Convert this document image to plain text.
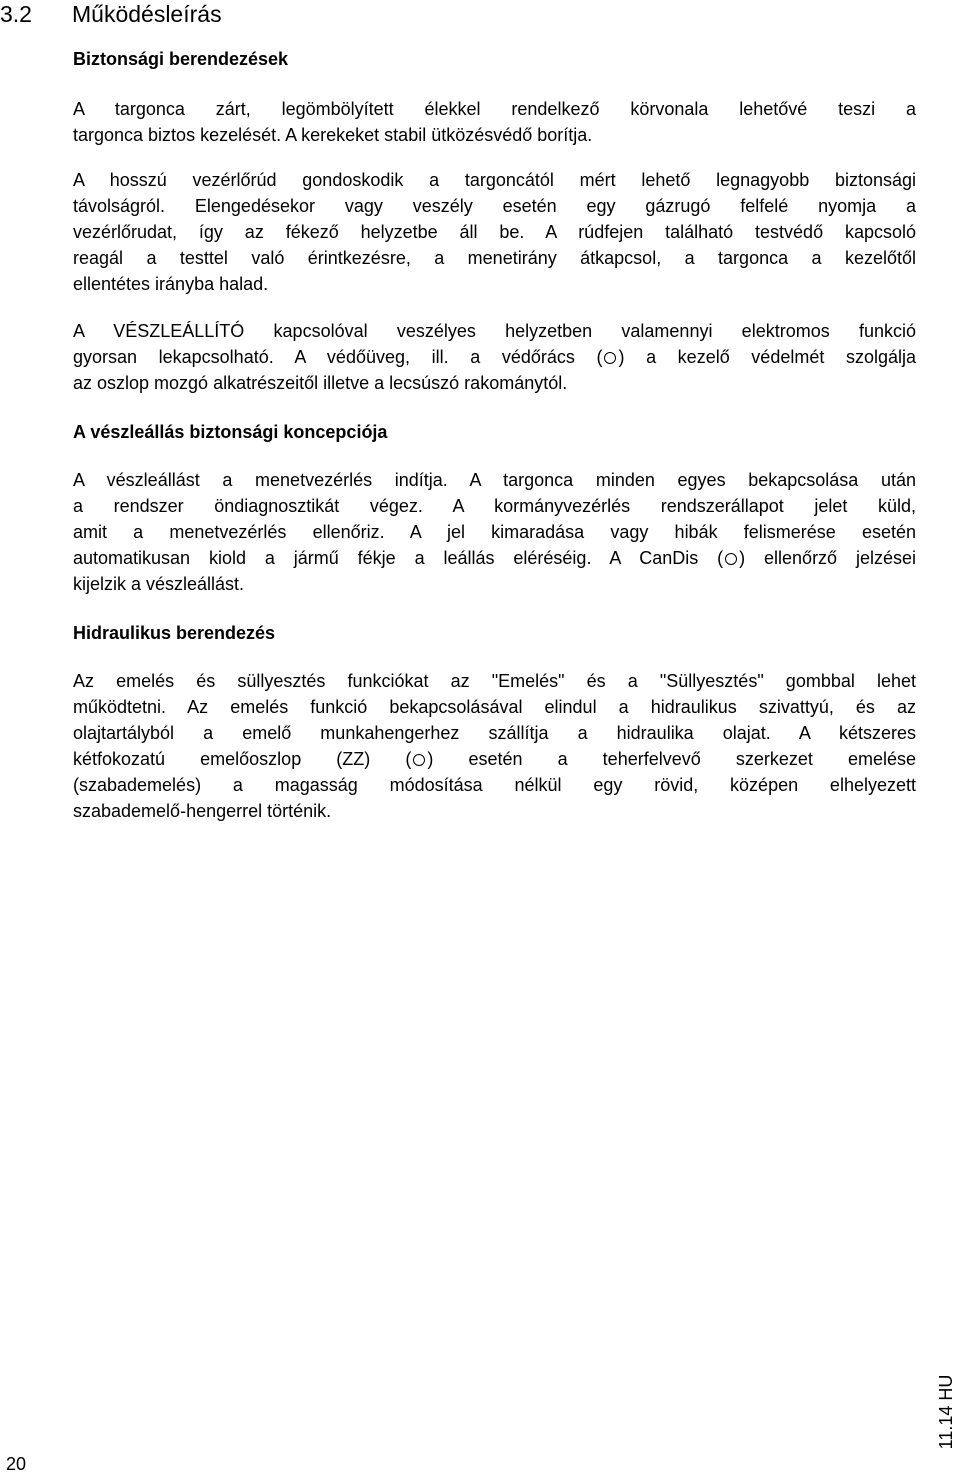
3.2 Működésleírás

Biztonsági berendezések

A targonca zárt, legömbölyített élekkel rendelkező körvonala lehetővé teszi a
targonca biztos kezelését. A kerekeket stabil ütközésvédő borítja.

A hosszú vezérlőrúd gondoskodik a targoncától mért lehető legnagyobb biztonsági
távolságról. Elengedésekor vagy veszély esetén egy gázrugó felfelé nyomja a
vezérlőrudat, így az fékező helyzetbe áll be. A rúdfejen található testvédő kapcsoló
reagál a testtel való érintkezésre, a menetirány átkapcsol, a targonca a kezelőtől
ellentétes irányba halad.

A VÉSZLEÁLLÍTÓ kapcsolóval veszélyes helyzetben valamennyi elektromos funkció
gyorsan lekapcsolható. A védőüveg, ill. a védőrács ( ) a kezelő védelmét szolgálja
az oszlop mozgó alkatrészeitől illetve a lecsúszó rakománytól.

A vészleállás biztonsági koncepciója

A vészleállást a menetvezérlés indítja. A targonca minden egyes bekapcsolása után
a rendszer öndiagnosztikát végez. A kormányvezérlés rendszerállapot jelet küld,
amit a menetvezérlés ellenőriz. A jel kimaradása vagy hibák felismerése esetén
automatikusan kiold a jármű fékje a leállás eléréséig. A CanDis ( ) ellenőrző jelzései
kijelzik a vészleállást.

Hidraulikus berendezés

Az emelés és süllyesztés funkciókat az "Emelés" és a "Süllyesztés" gombbal lehet
működtetni. Az emelés funkció bekapcsolásával elindul a hidraulikus szivattyú, és az
olajtartályból a emelő munkahengerhez szállítja a hidraulika olajat. A kétszeres
kétfokozatú emelőoszlop (ZZ) ( ) esetén a teherfelvevő szerkezet emelése
(szabademelés) a magasság módosítása nélkül egy rövid, középen elhelyezett
szabademelő-hengerrel történik.

20
11.14 HU
